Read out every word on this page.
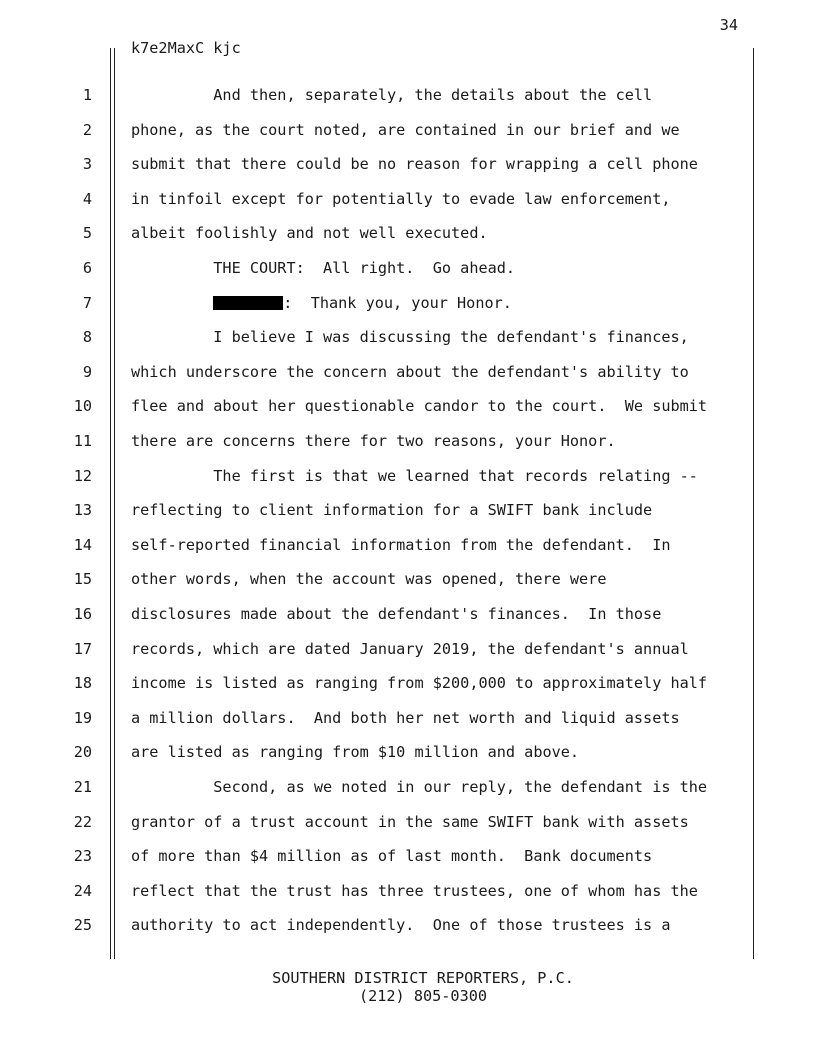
34
k7e2MaxC kjc
1	And then, separately, the details about the cell
2	phone, as the court noted, are contained in our brief and we
3	submit that there could be no reason for wrapping a cell phone
4	in tinfoil except for potentially to evade law enforcement,
5	albeit foolishly and not well executed.
6	THE COURT:  All right.  Go ahead.
7	:  Thank you, your Honor.
8	I believe I was discussing the defendant's finances,
9	which underscore the concern about the defendant's ability to
10	flee and about her questionable candor to the court.  We submit
11	there are concerns there for two reasons, your Honor.
12	The first is that we learned that records relating --
13	reflecting to client information for a SWIFT bank include
14	self-reported financial information from the defendant.  In
15	other words, when the account was opened, there were
16	disclosures made about the defendant's finances.  In those
17	records, which are dated January 2019, the defendant's annual
18	income is listed as ranging from $200,000 to approximately half
19	a million dollars.  And both her net worth and liquid assets
20	are listed as ranging from $10 million and above.
21	Second, as we noted in our reply, the defendant is the
22	grantor of a trust account in the same SWIFT bank with assets
23	of more than $4 million as of last month.  Bank documents
24	reflect that the trust has three trustees, one of whom has the
25	authority to act independently.  One of those trustees is a
SOUTHERN DISTRICT REPORTERS, P.C.
(212) 805-0300
